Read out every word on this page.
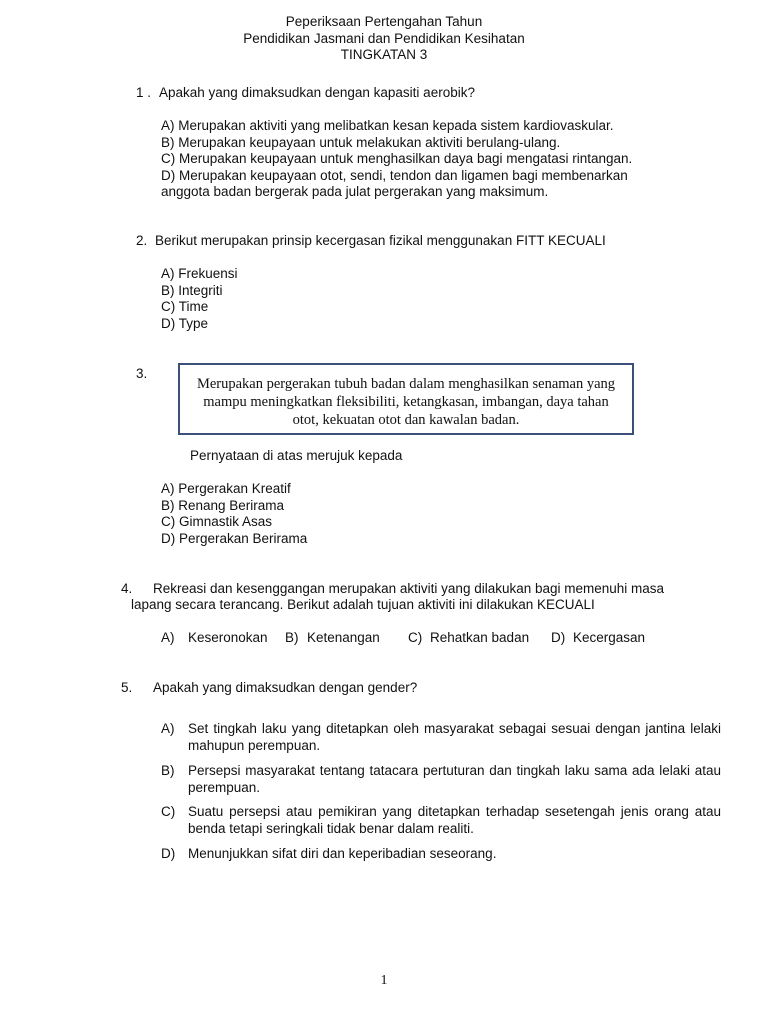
Peperiksaan Pertengahan Tahun
Pendidikan Jasmani dan Pendidikan Kesihatan
TINGKATAN 3
1 . Apakah yang dimaksudkan dengan kapasiti aerobik?
A) Merupakan aktiviti yang melibatkan kesan kepada sistem kardiovaskular.
B) Merupakan keupayaan untuk melakukan aktiviti berulang-ulang.
C) Merupakan keupayaan untuk menghasilkan daya bagi mengatasi rintangan.
D) Merupakan keupayaan otot, sendi, tendon dan ligamen bagi membenarkan
anggota badan bergerak pada julat pergerakan yang maksimum.
2. Berikut merupakan prinsip kecergasan fizikal menggunakan FITT KECUALI
A) Frekuensi
B) Integriti
C) Time
D) Type
3.
Merupakan pergerakan tubuh badan dalam menghasilkan senaman yang
mampu meningkatkan fleksibiliti, ketangkasan, imbangan, daya tahan
otot, kekuatan otot dan kawalan badan.
Pernyataan di atas merujuk kepada
A) Pergerakan Kreatif
B) Renang Berirama
C) Gimnastik Asas
D) Pergerakan Berirama
4. Rekreasi dan kesenggangan merupakan aktiviti yang dilakukan bagi memenuhi masa
lapang secara terancang. Berikut adalah tujuan aktiviti ini dilakukan KECUALI
A) Keseronokan B) Ketenangan C) Rehatkan badan D) Kecergasan
5. Apakah yang dimaksudkan dengan gender?
A) Set tingkah laku yang ditetapkan oleh masyarakat sebagai sesuai dengan jantina lelaki mahupun perempuan.
B) Persepsi masyarakat tentang tatacara pertuturan dan tingkah laku sama ada lelaki atau perempuan.
C) Suatu persepsi atau pemikiran yang ditetapkan terhadap sesetengah jenis orang atau benda tetapi seringkali tidak benar dalam realiti.
D) Menunjukkan sifat diri dan keperibadian seseorang.
1
